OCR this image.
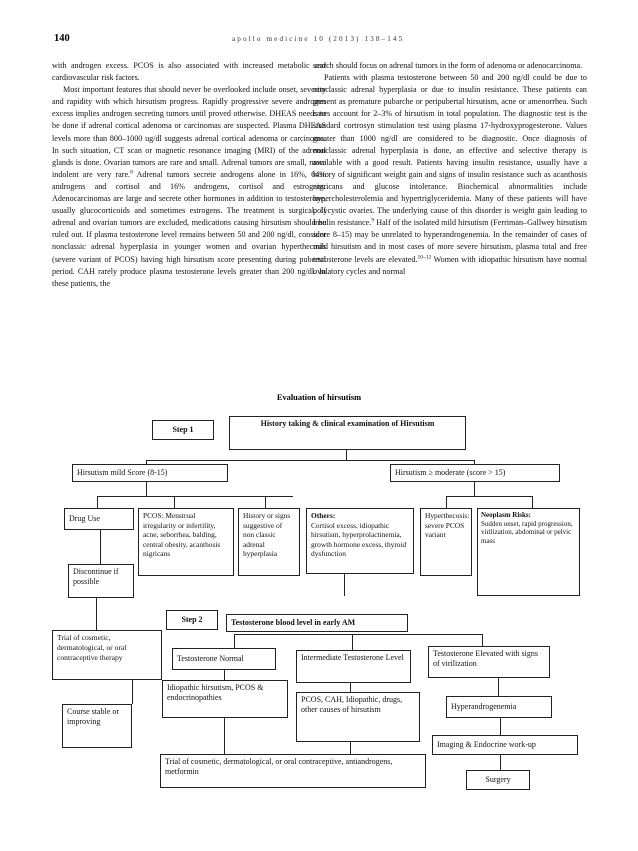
140	apollo medicine 10 (2013) 138–145

with androgen excess. PCOS is also associated with increased metabolic and cardiovascular risk factors.

Most important features that should never be overlooked include onset, severity and rapidity with which hirsutism progress. Rapidly progressive severe androgen excess implies androgen secreting tumors until proved otherwise. DHEAS needs to be done if adrenal cortical adenoma or carcinomas are suspected. Plasma DHEAS levels more than 800–1000 ug/dl suggests adrenal cortical adenoma or carcinoma. In such situation, CT scan or magnetic resonance imaging (MRI) of the adrenal glands is done. Ovarian tumors are rare and small. Adrenal tumors are small, more indolent are very rare.$^8$ Adrenal tumors secrete androgens alone in 16%, 64% androgens and cortisol and 16% androgens, cortisol and estrogens. Adenocarcinomas are large and secrete other hormones in addition to testosterone, usually glucocorticoids and sometimes estrogens. The treatment is surgical. If adrenal and ovarian tumors are excluded, medications causing hirsutism should be ruled out. If plasma testosterone level remains between 50 and 200 ng/dl, consider nonclassic adrenal hyperplasia in younger women and ovarian hyperthecosis (severe variant of PCOS) having high hirsutism score presenting during pubertal period. CAH rarely produce plasma testosterone levels greater than 200 ng/dl. In these patients, the

search should focus on adrenal tumors in the form of adenoma or adenocarcinoma.

Patients with plasma testosterone between 50 and 200 ng/dl could be due to nonclassic adrenal hyperplasia or due to insulin resistance. These patients can present as premature pubarche or peripubertal hirsutism, acne or amenorrhea. Such cases account for 2–3% of hirsutism in total population. The diagnostic test is the standard cortrosyn stimulation test using plasma 17-hydroxyprogesterone. Values greater than 1000 ng/dl are considered to be diagnostic. Once diagnosis of nonclassic adrenal hyperplasia is done, an effective and selective therapy is available with a good result. Patients having insulin resistance, usually have a history of significant weight gain and signs of insulin resistance such as acanthosis nigricans and glucose intolerance. Biochemical abnormalities include hypercholesterolemia and hypertriglyceridemia. Many of these patients will have polycystic ovaries. The underlying cause of this disorder is weight gain leading to insulin resistance.$^9$ Half of the isolated mild hirsutism (Ferriman–Gallwey hirsutism score 8–15) may be unrelated to hyperandrogenemia. In the remainder of cases of mild hirsutism and in most cases of more severe hirsutism, plasma total and free testosterone levels are elevated.$^{10-12}$ Women with idiopathic hirsutism have normal ovulatory cycles and normal

Evaluation of hirsutism
Step 1
History taking & clinical examination of Hirsutism
Hirsutism mild Score (8-15)	Hirsutism ≥ moderate (score > 15)
Drug Use	PCOS: Menstrual irregularity or infertility, acne, seborrhea, balding, central obesity, acanthosis nigricans
History or signs suggestive of non classic adrenal hyperplasia
Others:
Cortisol excess, idiopathic hirsutism, hyperprolactinemia, growth hormone excess, thyroid dysfunction
Hyperthecosis: severe PCOS variant
Neoplasm Risks:
Sudden onset, rapid progression, virilization, abdominal or pelvic mass
Discontinue if possible
Step 2	Testosterone blood level in early AM
Trial of cosmetic, dermatological, or oral contraceptive therapy	Testosterone Normal	Intermediate Testosterone Level	Testosterone Elevated with signs of virilization
Idiopathic hirsutism, PCOS & endocrinopathies	PCOS, CAH, Idiopathic, drugs, other causes of hirsutism	Hyperandrogenemia
Course stable or improving
Imaging & Endocrine work-up
Trial of cosmetic, dermatological, or oral contraceptive, antiandrogens, metformin
Surgery
